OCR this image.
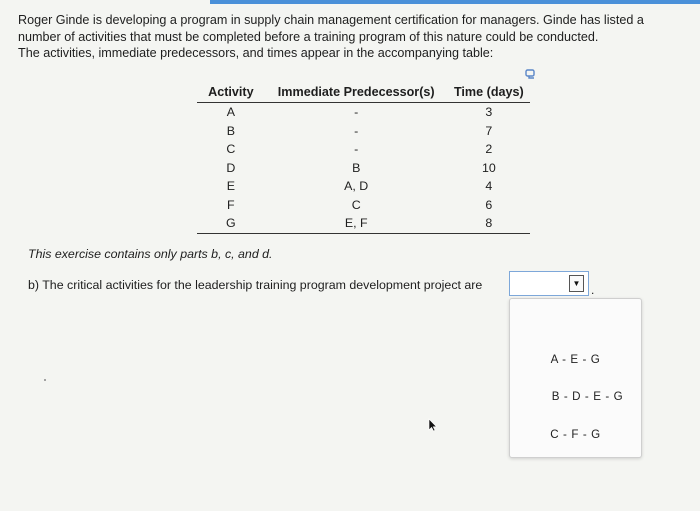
Roger Ginde is developing a program in supply chain management certification for managers. Ginde has listed a

number of activities that must be completed before a training program of this nature could be conducted.

The activities, immediate predecessors, and times appear in the accompanying table:

Activity	Immediate Predecessor(s)	Time (days)
A	-	3
B	-	7
C	-	2
D	B	10
E	A, D	4
F	C	6
G	E, F	8
This exercise contains only parts b, c, and d.
b) The critical activities for the leadership training program development project are	▼ .
A - E - G
B - D - E - G
C - F - G
